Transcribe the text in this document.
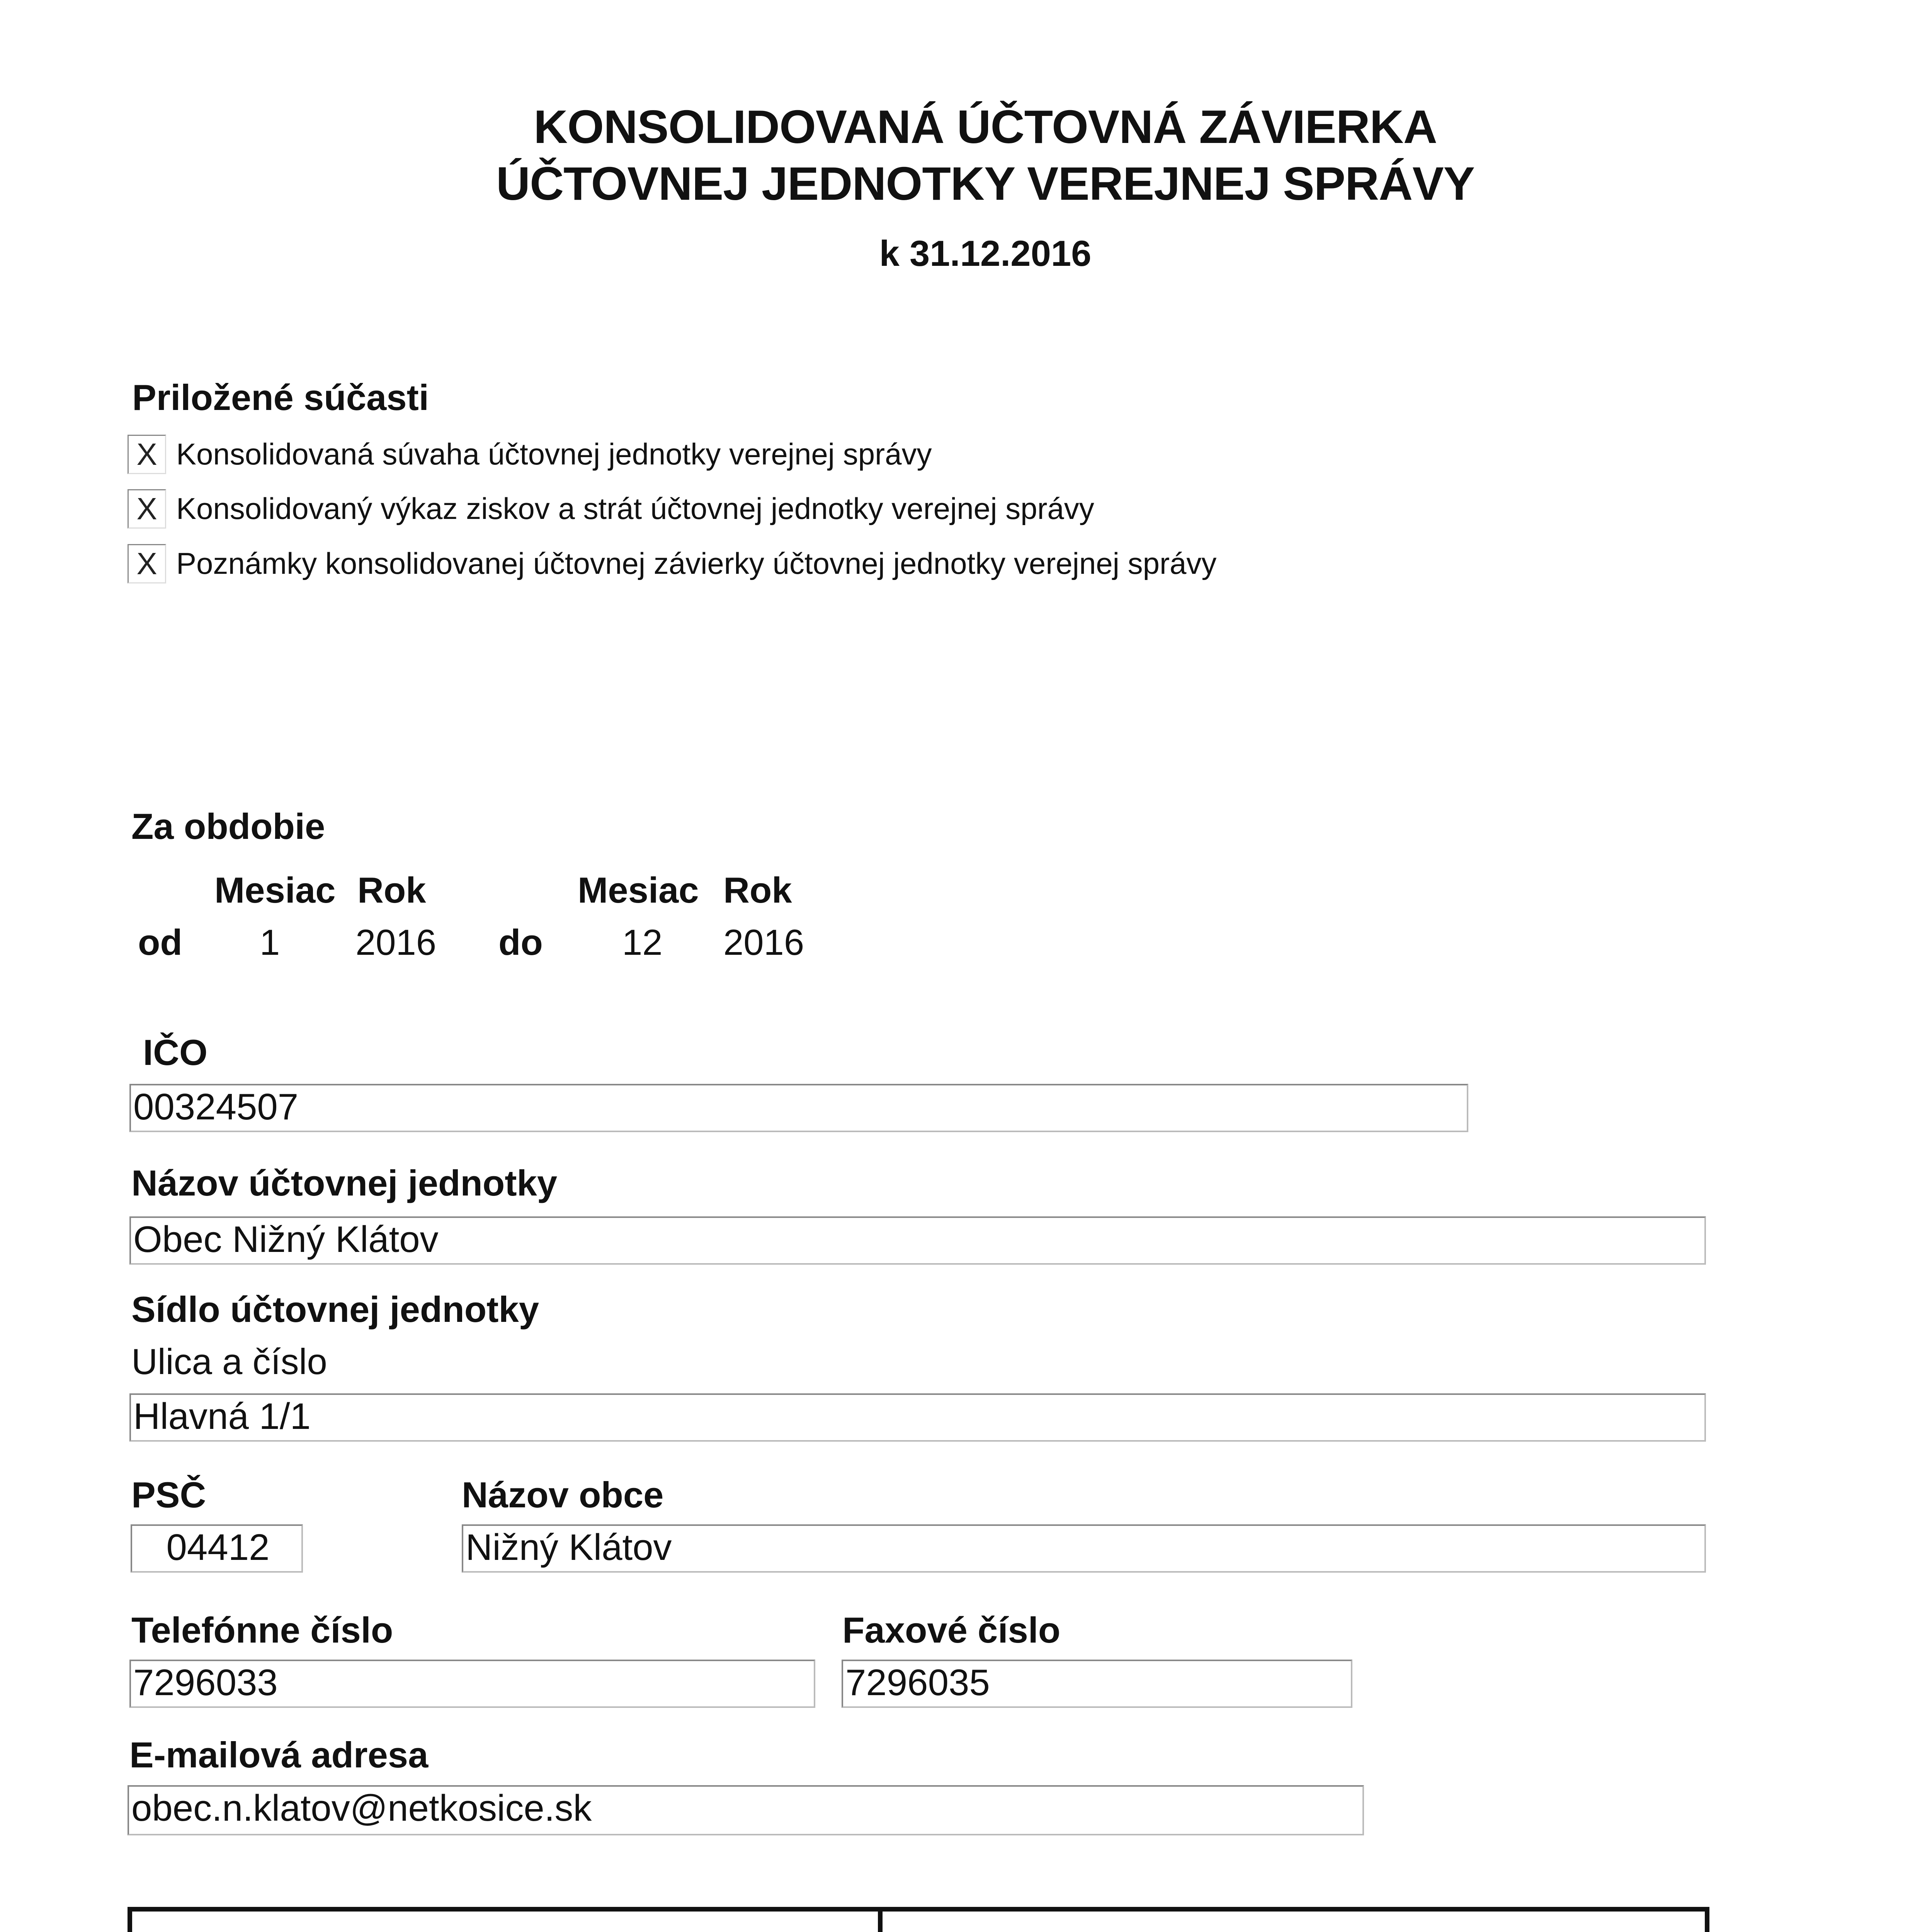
KONSOLIDOVANÁ ÚČTOVNÁ ZÁVIERKA
ÚČTOVNEJ JEDNOTKY VEREJNEJ SPRÁVY
k 31.12.2016
Priložené súčasti
X Konsolidovaná súvaha účtovnej jednotky verejnej správy
X Konsolidovaný výkaz ziskov a strát účtovnej jednotky verejnej správy
X Poznámky konsolidovanej účtovnej závierky účtovnej jednotky verejnej správy
Za obdobie
Mesiac Rok	Mesiac Rok
od 1 2016 do 12 2016
IČO
00324507
Názov účtovnej jednotky
Obec Nižný Klátov
Sídlo účtovnej jednotky
Ulica a číslo
Hlavná 1/1
PSČ
04412
Názov obce
Nižný Klátov
Telefónne číslo
7296033
Faxové číslo
7296035
E-mailová adresa
obec.n.klatov@netkosice.sk
